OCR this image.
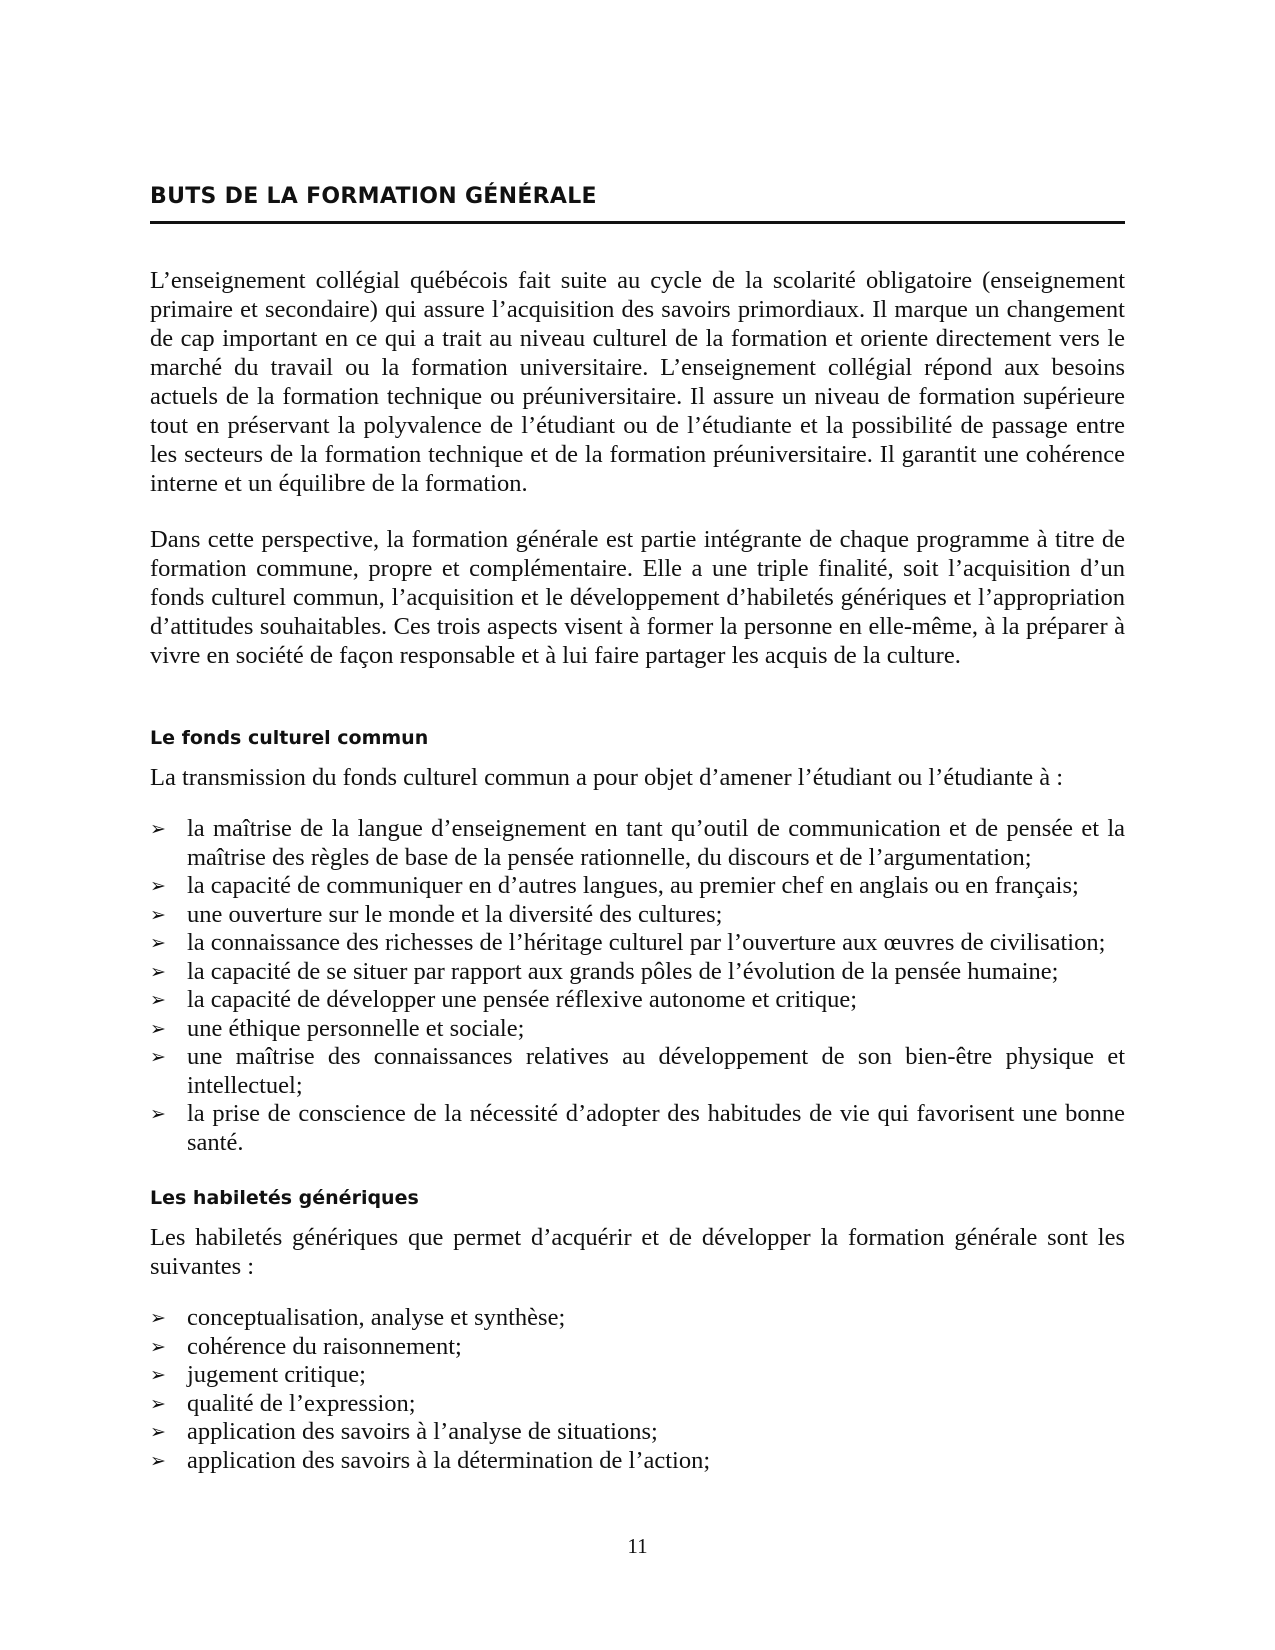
BUTS DE LA FORMATION GÉNÉRALE

L’enseignement collégial québécois fait suite au cycle de la scolarité obligatoire (enseignement primaire et secondaire) qui assure l’acquisition des savoirs primordiaux. Il marque un changement de cap important en ce qui a trait au niveau culturel de la formation et oriente directement vers le marché du travail ou la formation universitaire. L’enseignement collégial répond aux besoins actuels de la formation technique ou préuniversitaire. Il assure un niveau de formation supérieure tout en préservant la polyvalence de l’étudiant ou de l’étudiante et la possibilité de passage entre les secteurs de la formation technique et de la formation préuniversitaire. Il garantit une cohérence interne et un équilibre de la formation.

Dans cette perspective, la formation générale est partie intégrante de chaque programme à titre de formation commune, propre et complémentaire. Elle a une triple finalité, soit l’acquisition d’un fonds culturel commun, l’acquisition et le développement d’habiletés génériques et l’appropriation d’attitudes souhaitables. Ces trois aspects visent à former la personne en elle-même, à la préparer à vivre en société de façon responsable et à lui faire partager les acquis de la culture.

Le fonds culturel commun

La transmission du fonds culturel commun a pour objet d’amener l’étudiant ou l’étudiante à :

➢ la maîtrise de la langue d’enseignement en tant qu’outil de communication et de pensée et la maîtrise des règles de base de la pensée rationnelle, du discours et de l’argumentation;
➢ la capacité de communiquer en d’autres langues, au premier chef en anglais ou en français;
➢ une ouverture sur le monde et la diversité des cultures;
➢ la connaissance des richesses de l’héritage culturel par l’ouverture aux œuvres de civilisation;
➢ la capacité de se situer par rapport aux grands pôles de l’évolution de la pensée humaine;
➢ la capacité de développer une pensée réflexive autonome et critique;
➢ une éthique personnelle et sociale;
➢ une maîtrise des connaissances relatives au développement de son bien-être physique et intellectuel;
➢ la prise de conscience de la nécessité d’adopter des habitudes de vie qui favorisent une bonne santé.
Les habiletés génériques

Les habiletés génériques que permet d’acquérir et de développer la formation générale sont les suivantes :

➢ conceptualisation, analyse et synthèse;
➢ cohérence du raisonnement;
➢ jugement critique;
➢ qualité de l’expression;
➢ application des savoirs à l’analyse de situations;
➢ application des savoirs à la détermination de l’action;

11
